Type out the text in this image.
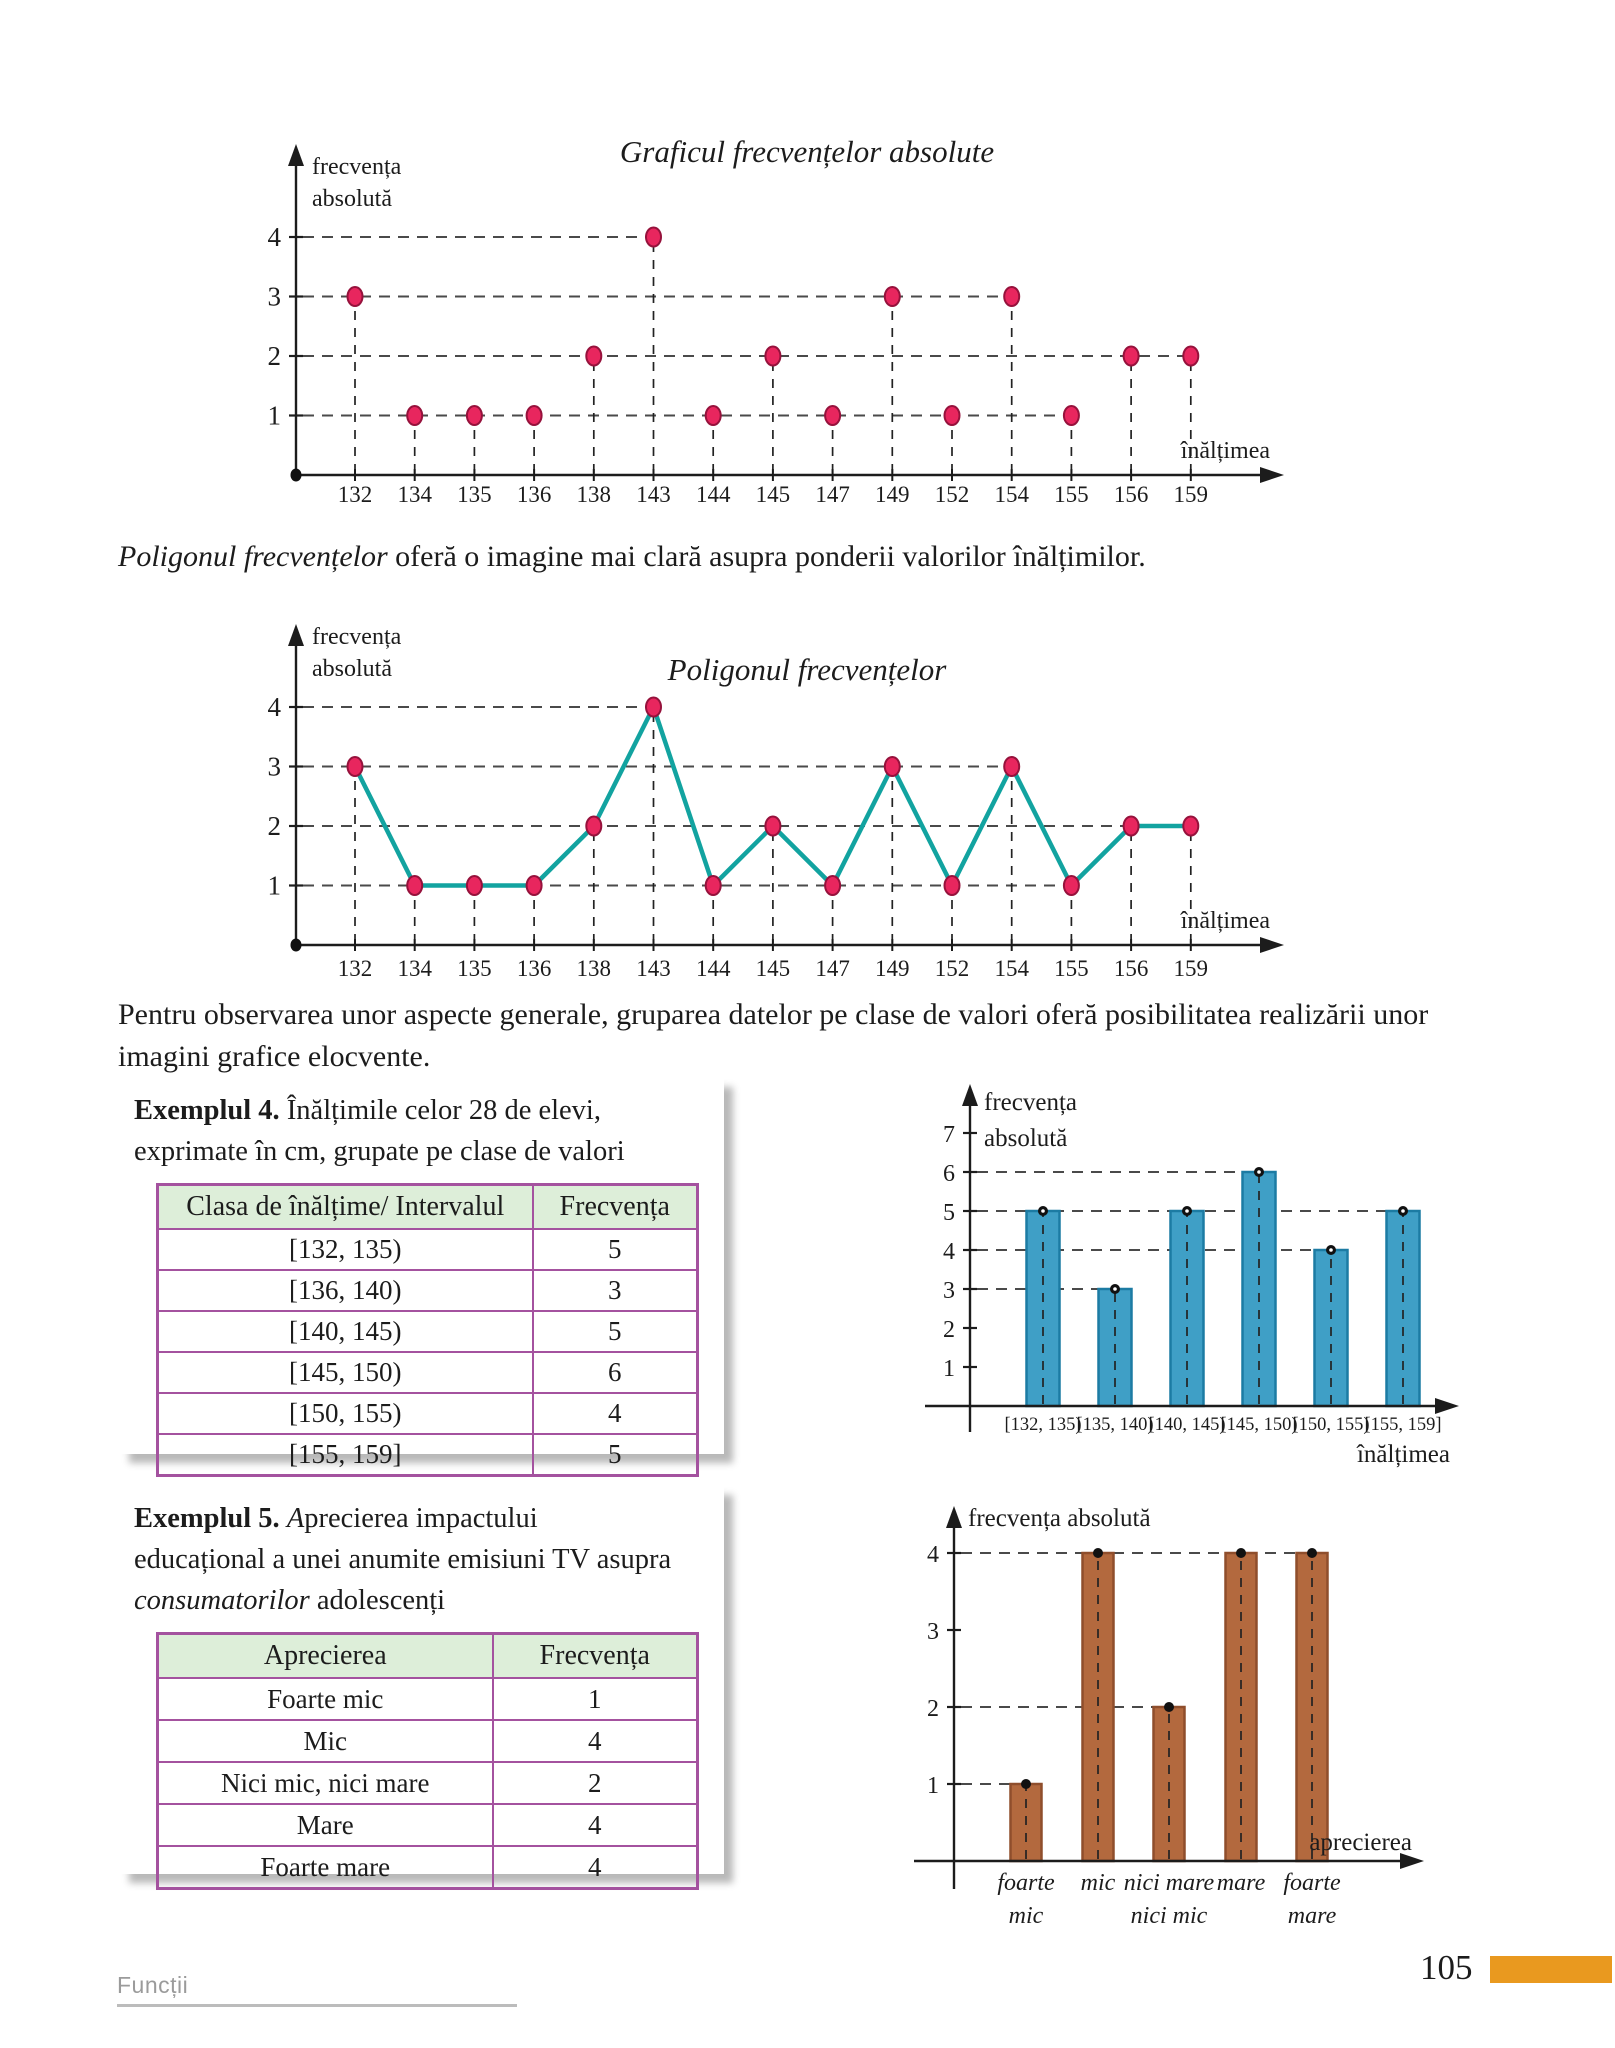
1
2
3
4
132 134 135 136 138 143 144 145 147 149 152 154 155 156 159
Graficul frecvențelor absolute
frecvența
absolută
înălțimea
Poligonul frecvențelor oferă o imagine mai clară asupra ponderii valorilor înălțimilor.
1
2
3
4
132 134 135 136 138 143 144 145 147 149 152 154 155 156 159
Poligonul frecvențelor
frecvența
absolută
înălțimea
Pentru observarea unor aspecte generale, gruparea datelor pe clase de valori oferă posibilitatea realizării unor
imagini grafice elocvente.
Exemplul 4. Înălțimile celor 28 de elevi,
exprimate în cm, grupate pe clase de valori
Clasa de înălțime/ Intervalul	Frecvența
[132, 135)	5
[136, 140)	3
[140, 145)	5
[145, 150)	6
[150, 155)	4
[155, 159]	5
1
2
3
4
5
6
7
[132, 135)
[135, 140)
[140, 145)
[145, 150)
[150, 155)
[155, 159]
frecvența
absolută
înălțimea
Exemplul 5. Aprecierea impactului
educațional a unei anumite emisiuni TV asupra
consumatorilor adolescenți
Aprecierea	Frecvența
Foarte mic	1
Mic	4
Nici mic, nici mare	2
Mare	4
Foarte mare	4
1
2
3
4
foarte
mic
mic nici mare
nici mic
mare foarte
mare
frecvența absolută
aprecierea
Funcții	105
